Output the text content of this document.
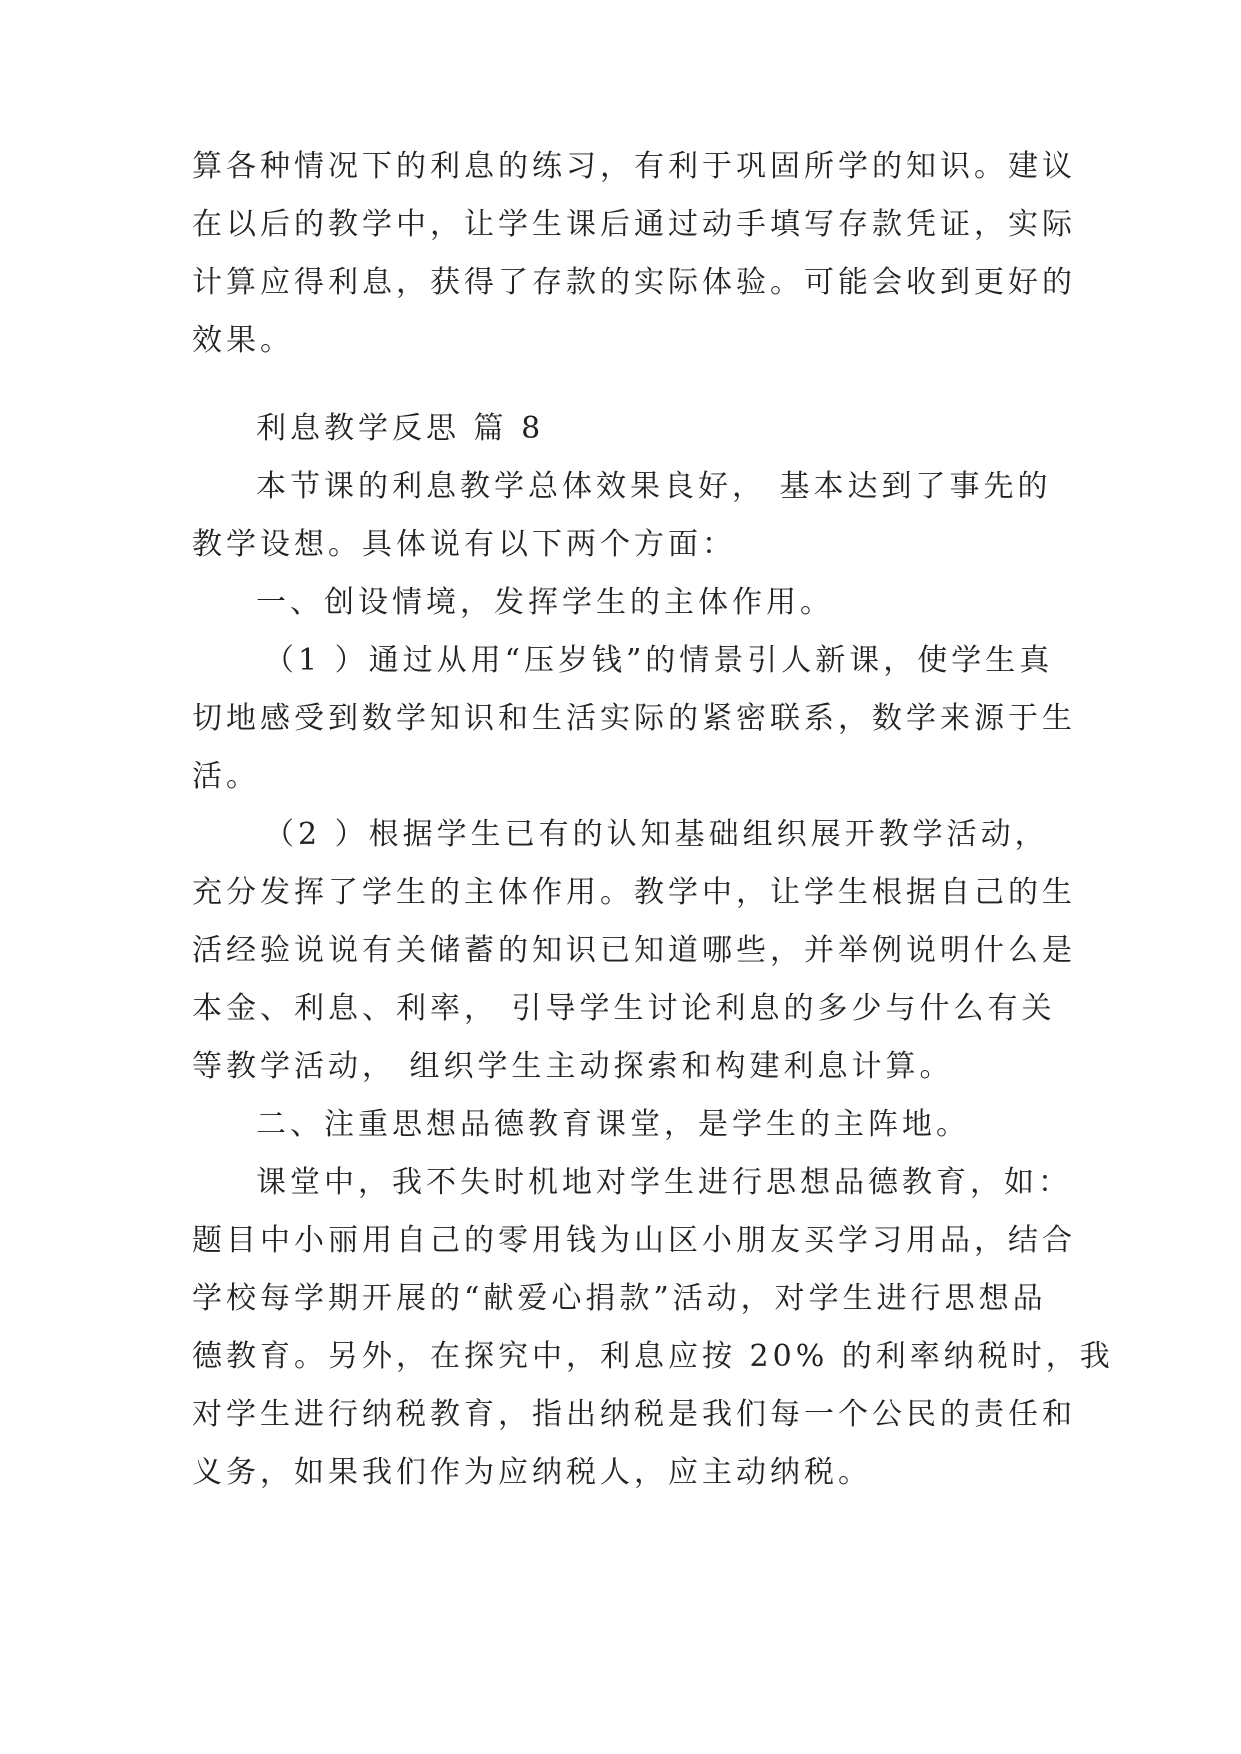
算各种情况下的利息的练习，有利于巩固所学的知识。建议
在以后的教学中，让学生课后通过动手填写存款凭证，实际
计算应得利息，获得了存款的实际体验。可能会收到更好的
效果。
利息教学反思 篇 8
本节课的利息教学总体效果良好， 基本达到了事先的
教学设想。具体说有以下两个方面：
一、创设情境，发挥学生的主体作用。
（1 ）通过从用“压岁钱”的情景引人新课，使学生真
切地感受到数学知识和生活实际的紧密联系，数学来源于生
活。
（2 ）根据学生已有的认知基础组织展开教学活动，
充分发挥了学生的主体作用。教学中，让学生根据自己的生
活经验说说有关储蓄的知识已知道哪些，并举例说明什么是
本金、利息、利率， 引导学生讨论利息的多少与什么有关
等教学活动， 组织学生主动探索和构建利息计算。
二、注重思想品德教育课堂，是学生的主阵地。
课堂中，我不失时机地对学生进行思想品德教育，如：
题目中小丽用自己的零用钱为山区小朋友买学习用品，结合
学校每学期开展的“献爱心捐款”活动，对学生进行思想品
德教育。另外，在探究中，利息应按 20% 的利率纳税时，我
对学生进行纳税教育，指出纳税是我们每一个公民的责任和
义务，如果我们作为应纳税人，应主动纳税。
